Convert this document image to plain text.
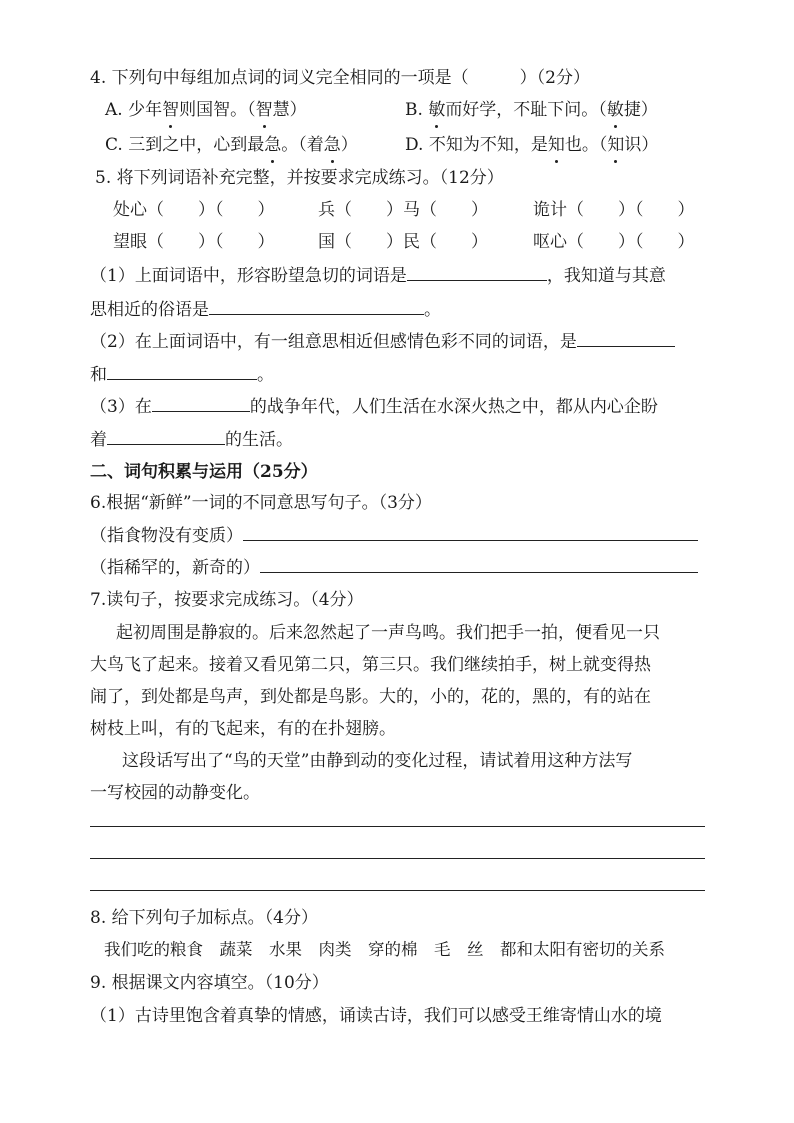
4. 下列句中每组加点词的词义完全相同的一项是（　　　）（2分）
A. 少年智则国智。（智慧）	B. 敏而好学，不耻下问。（敏捷）
C. 三到之中，心到最急。（着急）	D. 不知为不知，是知也。（知识）
5. 将下列词语补充完整，并按要求完成练习。（12分）
处心（　　）（　　）	兵（　　）马（　　）	诡计（　　）（　　）
望眼（　　）（　　）	国（　　）民（　　）	呕心（　　）（　　）
（1）上面词语中，形容盼望急切的词语是	，我知道与其意
思相近的俗语是	。
（2）在上面词语中，有一组意思相近但感情色彩不同的词语，是
和	。
（3）在	的战争年代，人们生活在水深火热之中，都从内心企盼
着	的生活。
二、词句积累与运用（25分）
6.根据“新鲜”一词的不同意思写句子。（3分）
（指食物没有变质）
（指稀罕的，新奇的）
7.读句子，按要求完成练习。（4分）
起初周围是静寂的。后来忽然起了一声鸟鸣。我们把手一拍，便看见一只
大鸟飞了起来。接着又看见第二只，第三只。我们继续拍手，树上就变得热
闹了，到处都是鸟声，到处都是鸟影。大的，小的，花的，黑的，有的站在
树枝上叫，有的飞起来，有的在扑翅膀。
这段话写出了“鸟的天堂”由静到动的变化过程，请试着用这种方法写
一写校园的动静变化。
8. 给下列句子加标点。（4分）
我们吃的粮食　蔬菜　水果　肉类　穿的棉　毛　丝　都和太阳有密切的关系
9. 根据课文内容填空。（10分）
（1）古诗里饱含着真挚的情感，诵读古诗，我们可以感受王维寄情山水的境
